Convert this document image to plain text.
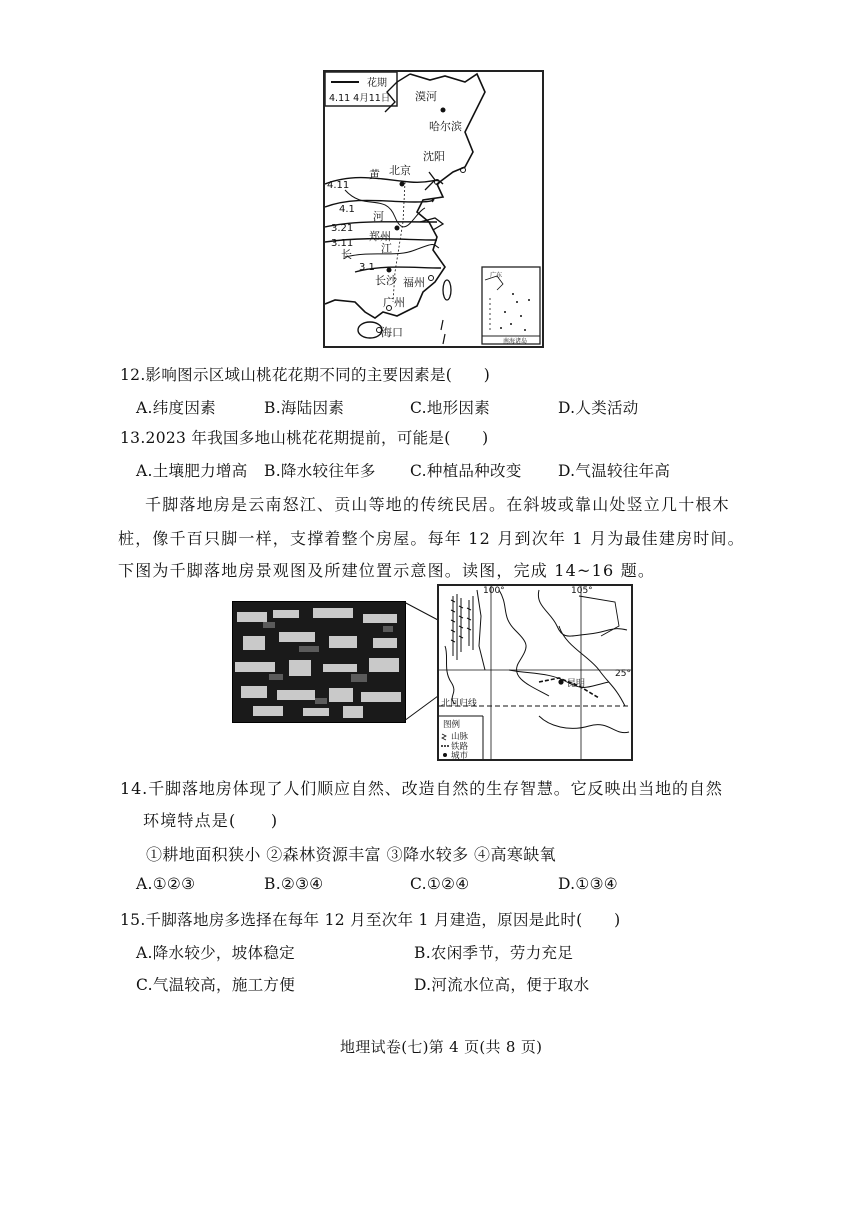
花期
4.11 4月11日 漠河
哈尔滨
沈阳
北京
郑州
长沙 福州
广州
海口
黄
河
长	江
4.11
4.1
3.21
3.11
3.1
广东
南海诸岛
12.影响图示区域山桃花花期不同的主要因素是(　　)
A.纬度因素	B.海陆因素	C.地形因素	D.人类活动
13.2023 年我国多地山桃花花期提前，可能是(　　)
A.土壤肥力增高 B.降水较往年多 C.种植品种改变 D.气温较往年高
千脚落地房是云南怒江、贡山等地的传统民居。在斜坡或靠山处竖立几十根木
桩，像千百只脚一样，支撑着整个房屋。每年 12 月到次年 1 月为最佳建房时间。
下图为千脚落地房景观图及所建位置示意图。读图，完成 14~16 题。
100°	105°
25°
昆明
北回归线
图例
山脉
铁路
城市
14.千脚落地房体现了人们顺应自然、改造自然的生存智慧。它反映出当地的自然
环境特点是(　　)
①耕地面积狭小 ②森林资源丰富 ③降水较多 ④高寒缺氧
A.①②③	B.②③④	C.①②④	D.①③④
15.千脚落地房多选择在每年 12 月至次年 1 月建造，原因是此时(　　)
A.降水较少，坡体稳定	B.农闲季节，劳力充足
C.气温较高，施工方便	D.河流水位高，便于取水
地理试卷(七)第 4 页(共 8 页)
